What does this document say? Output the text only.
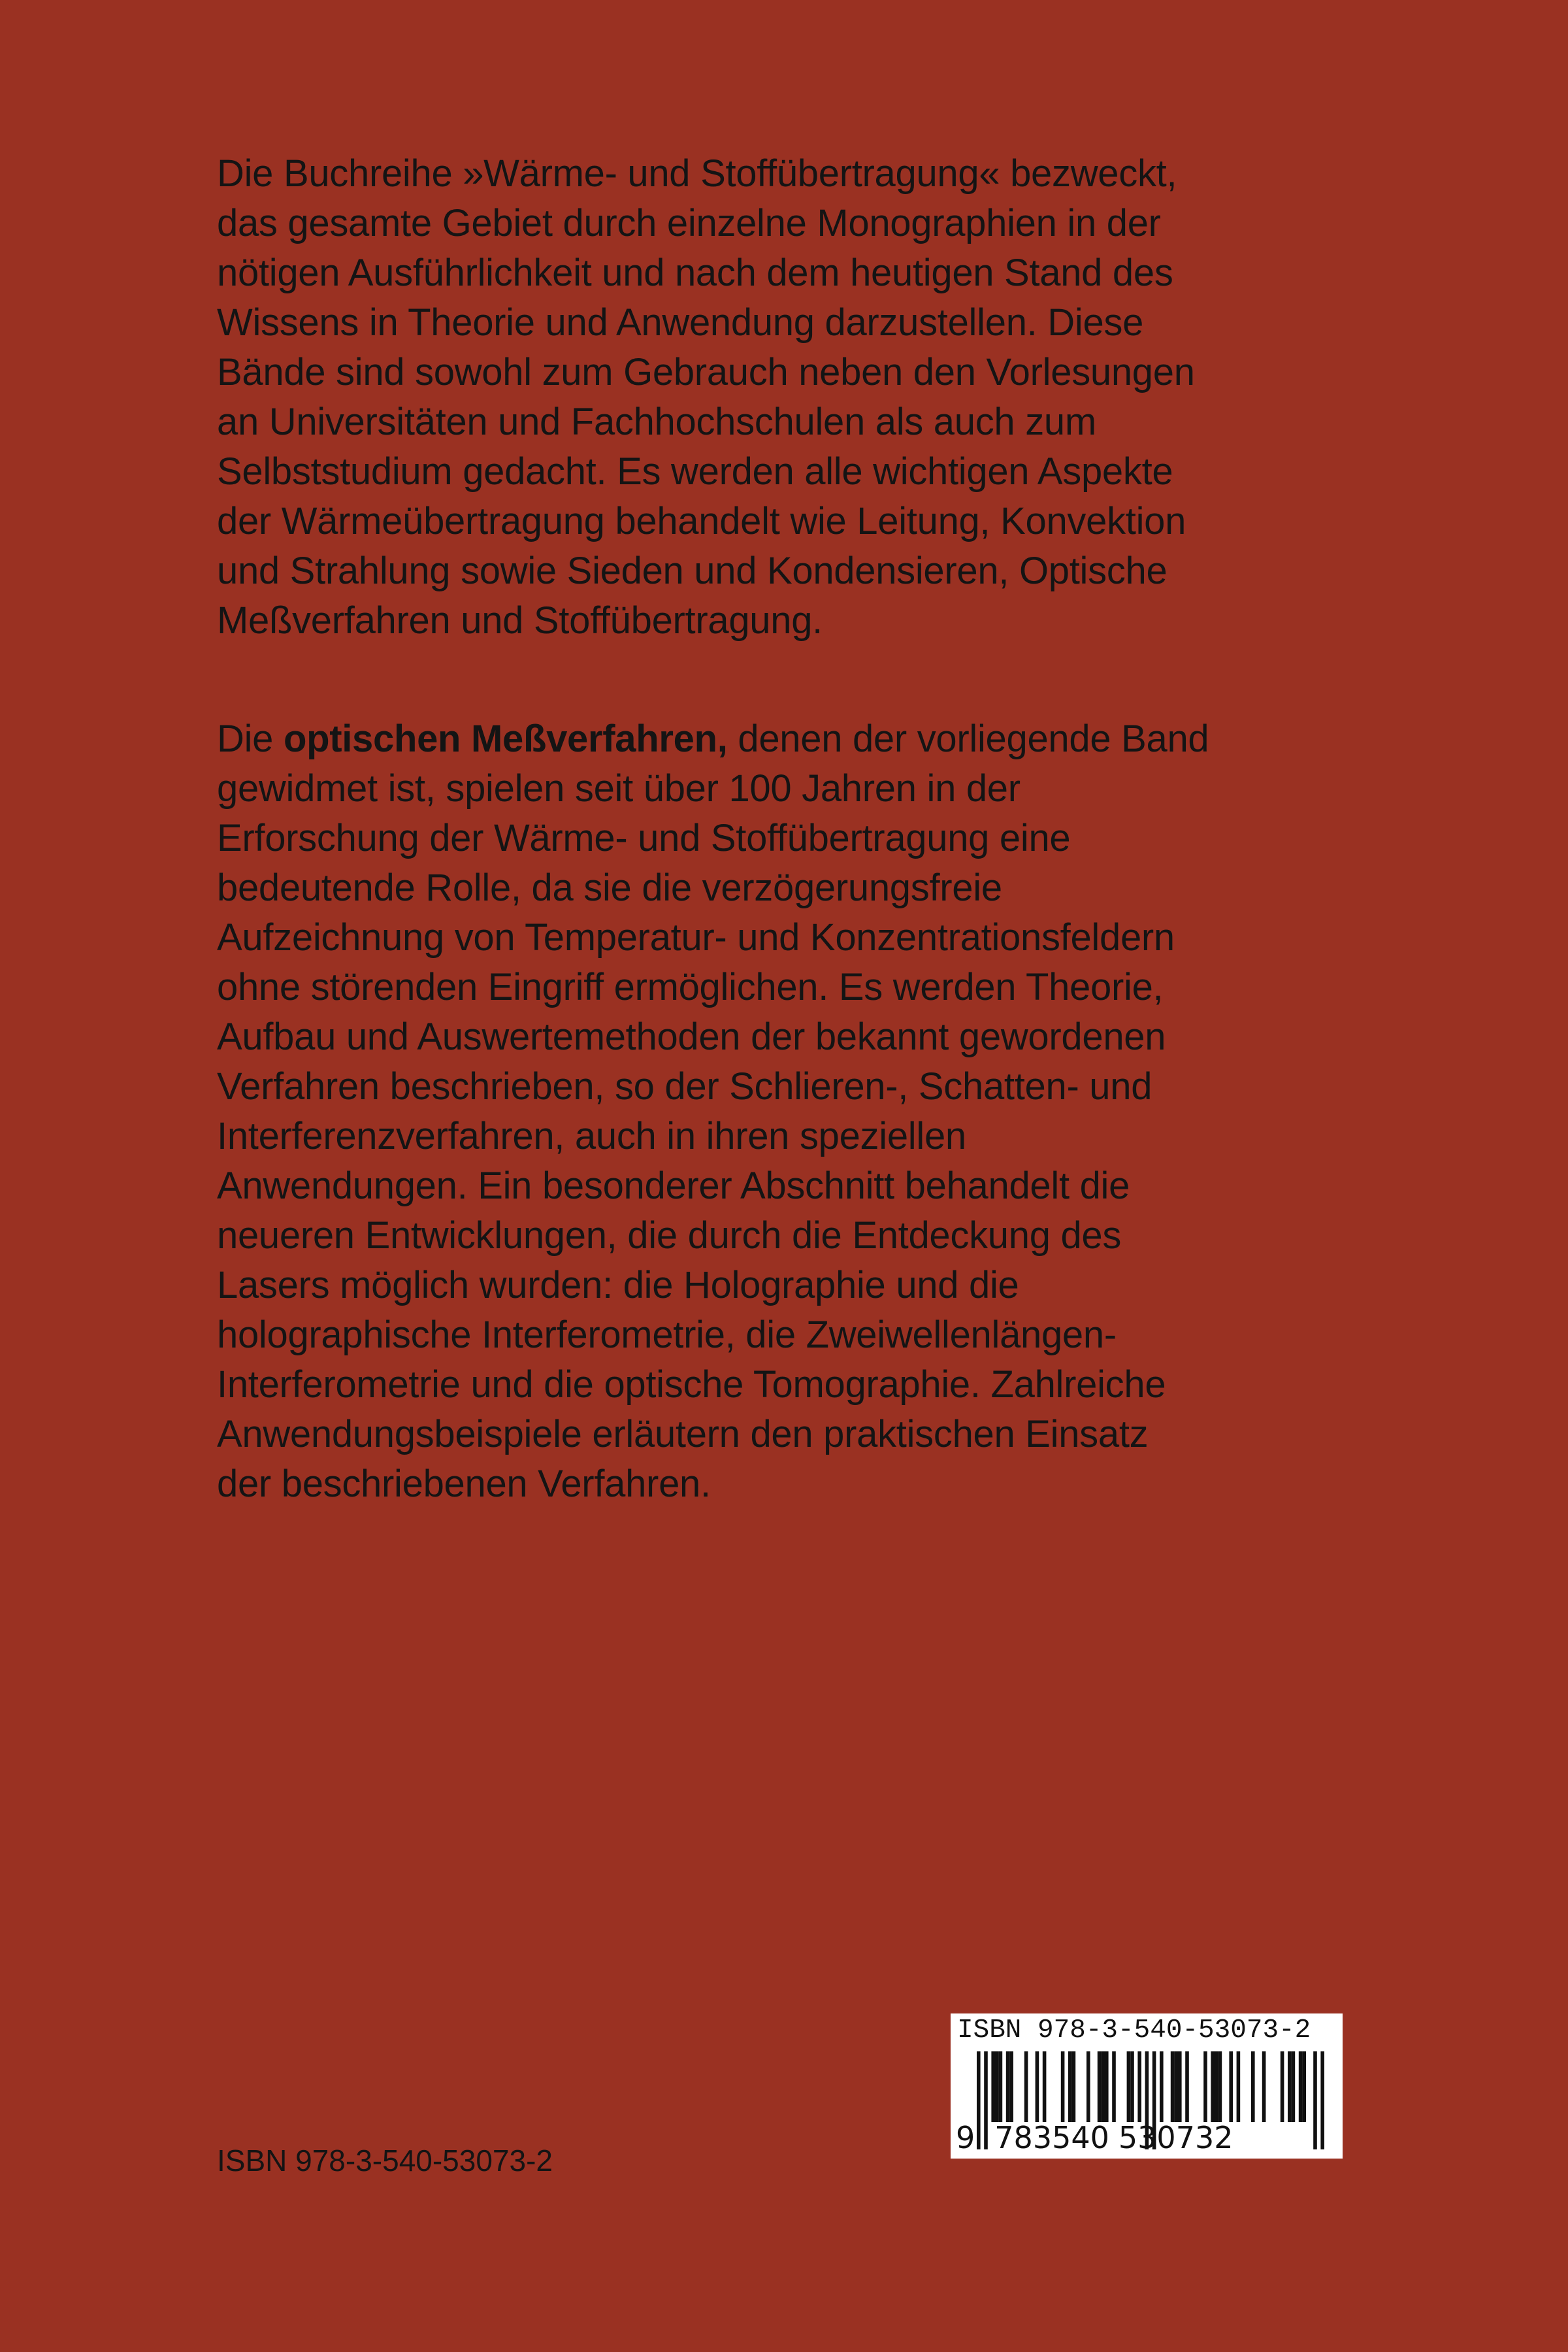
Die Buchreihe »Wärme- und Stoffübertragung« bezweckt,
das gesamte Gebiet durch einzelne Monographien in der
nötigen Ausführlichkeit und nach dem heutigen Stand des
Wissens in Theorie und Anwendung darzustellen. Diese
Bände sind sowohl zum Gebrauch neben den Vorlesungen
an Universitäten und Fachhochschulen als auch zum
Selbststudium gedacht. Es werden alle wichtigen Aspekte
der Wärmeübertragung behandelt wie Leitung, Konvektion
und Strahlung sowie Sieden und Kondensieren, Optische
Meßverfahren und Stoffübertragung.
Die optischen Meßverfahren, denen der vorliegende Band
gewidmet ist, spielen seit über 100 Jahren in der
Erforschung der Wärme- und Stoffübertragung eine
bedeutende Rolle, da sie die verzögerungsfreie
Aufzeichnung von Temperatur- und Konzentrationsfeldern
ohne störenden Eingriff ermöglichen. Es werden Theorie,
Aufbau und Auswertemethoden der bekannt gewordenen
Verfahren beschrieben, so der Schlieren-, Schatten- und
Interferenzverfahren, auch in ihren speziellen
Anwendungen. Ein besonderer Abschnitt behandelt die
neueren Entwicklungen, die durch die Entdeckung des
Lasers möglich wurden: die Holographie und die
holographische Interferometrie, die Zweiwellenlängen-
Interferometrie und die optische Tomographie. Zahlreiche
Anwendungsbeispiele erläutern den praktischen Einsatz
der beschriebenen Verfahren.
ISBN 978-3-540-53073-2
ISBN 978-3-540-53073-2
9 783540 530732
